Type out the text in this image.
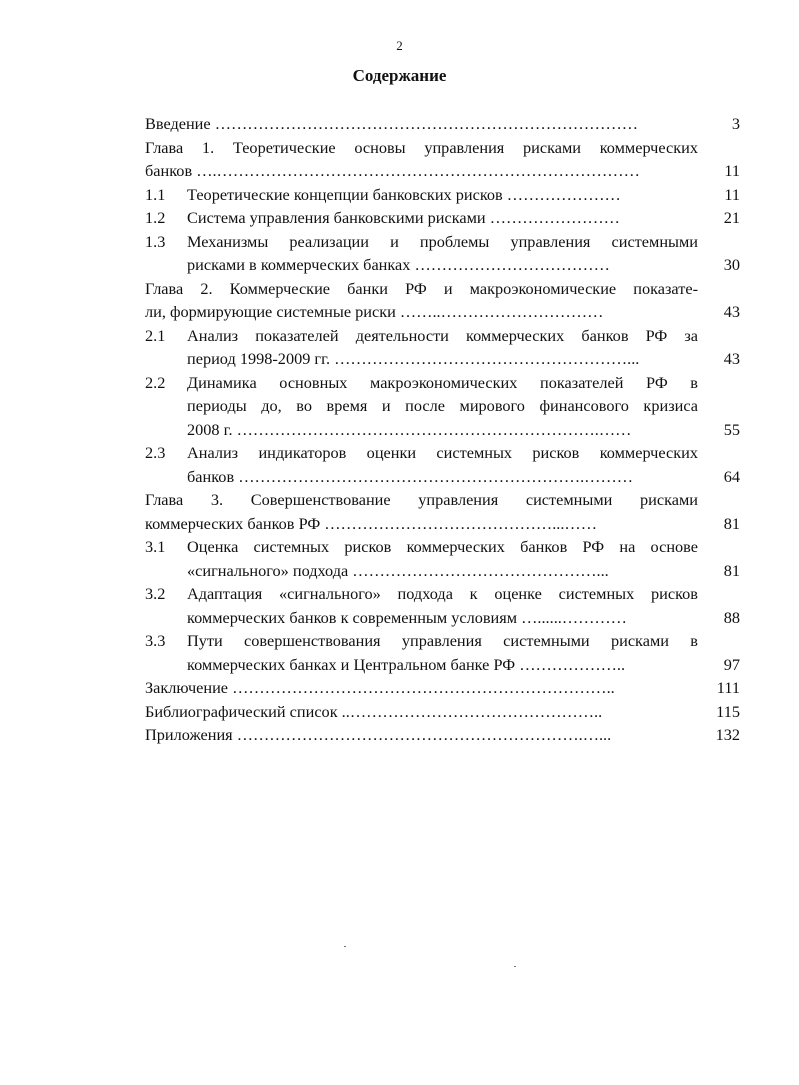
2
Содержание
Введение ……………………………………………………………………	3
Глава 1. Теоретические основы управления рисками коммерческих
банков ….……………………………………………………………………	11
1.1	Теоретические концепции банковских рисков …………………	11
1.2	Система управления банковскими рисками ……………………	21
1.3	Механизмы реализации и проблемы управления системными
рисками в коммерческих банках ………………………………	30
Глава 2. Коммерческие банки РФ и макроэкономические показате-
ли, формирующие системные риски ……..…………………………	43
2.1	Анализ показателей деятельности коммерческих банков РФ за
период 1998-2009 гг. ………………………………………………...	43
2.2	Динамика основных макроэкономических показателей РФ в
периоды до, во время и после мирового финансового кризиса
2008 г. ………………………………………………………….……	55
2.3	Анализ индикаторов оценки системных рисков коммерческих
банков ……………………………………………………….………	64
Глава 3. Совершенствование управления системными рисками
коммерческих банков РФ ……………………………………...……	81
3.1	Оценка системных рисков коммерческих банков РФ на основе
«сигнального» подхода ………………………………………...	81
3.2	Адаптация «сигнального» подхода к оценке системных рисков
коммерческих банков к современным условиям …......…………	88
3.3	Пути совершенствования управления системными рисками в
коммерческих банках и Центральном банке РФ ………………..	97
Заключение ……………………………………………………………..	111
Библиографический список ..………………………………………..	115
Приложения ……………………………………………………….…...	132
